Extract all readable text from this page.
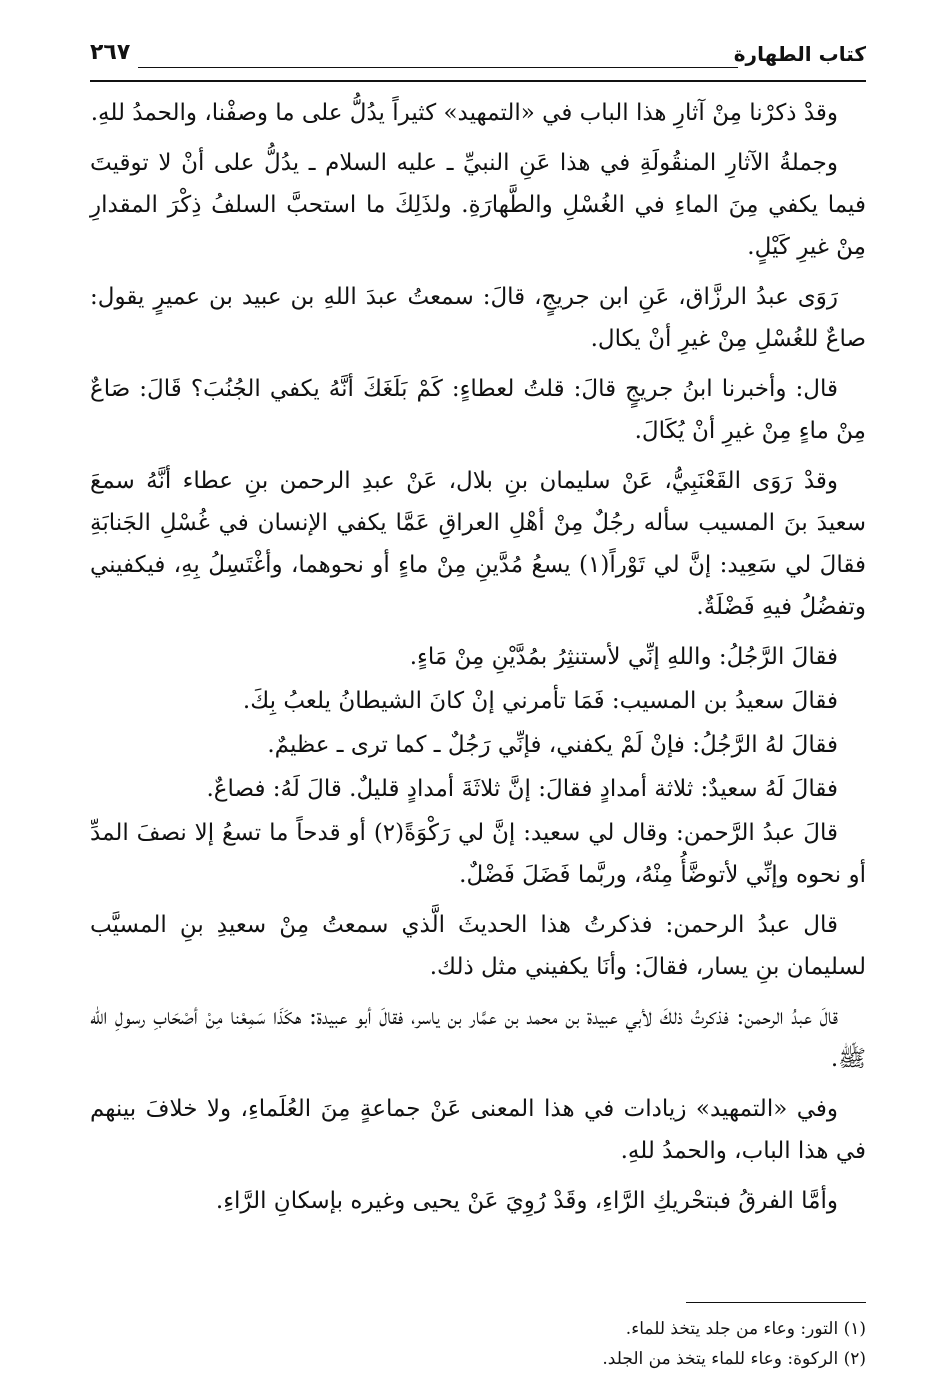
كتاب الطهارة
٢٦٧

وقدْ ذكرْنا مِنْ آثارِ هذا الباب في «التمهيد» كثيراً يدُلُّ على ما وصفْنا، والحمدُ للهِ.

وجملةُ الآثارِ المنقُولَةِ في هذا عَنِ النبيِّ ـ عليه السلام ـ يدُلُّ على أنْ لا توقيتَ فيما يكفي مِنَ الماءِ في الغُسْلِ والطَّهارَةِ. ولذَلِكَ ما استحبَّ السلفُ ذِكْرَ المقدارِ مِنْ غيرِ كَيْلٍ.

رَوَى عبدُ الرزَّاق، عَنِ ابن جريجٍ، قالَ: سمعتُ عبدَ اللهِ بن عبيد بن عميرٍ يقول: صاعٌ للغُسْلِ مِنْ غيرِ أنْ يكال.

قال: وأخبرنا ابنُ جريجٍ قالَ: قلتُ لعطاءٍ: كَمْ بَلَغَكَ أنَّهُ يكفي الجُنُبَ؟ قَالَ: صَاعٌ مِنْ ماءٍ مِنْ غيرِ أنْ يُكَالَ.

وقدْ رَوَى القَعْنَبِيُّ، عَنْ سليمان بنِ بلال، عَنْ عبدِ الرحمن بنِ عطاء أنَّهُ سمعَ سعيدَ بنَ المسيب سأله رجُلٌ مِنْ أهْلِ العراقِ عَمَّا يكفي الإنسان في غُسْلِ الجَنابَةِ فقالَ لي سَعِيد: إنَّ لي تَوْراً(١) يسعُ مُدَّينِ مِنْ ماءٍ أو نحوهما، وأغْتَسِلُ بِهِ، فيكفيني وتفضُلُ فيهِ فَضْلَةٌ.

فقالَ الرَّجُلُ: واللهِ إنِّي لأستنثِرُ بمُدَّيْنِ مِنْ مَاءٍ.

فقالَ سعيدُ بن المسيب: فَمَا تأمرني إنْ كانَ الشيطانُ يلعبُ بِكَ.

فقالَ لهُ الرَّجُلُ: فإنْ لَمْ يكفني، فإنِّي رَجُلٌ ـ كما ترى ـ عظيمٌ.

فقالَ لَهُ سعيدٌ: ثلاثة أمدادٍ فقالَ: إنَّ ثلاثَةَ أمدادٍ قليلٌ. قالَ لَهُ: فصاعٌ.

قالَ عبدُ الرَّحمن: وقال لي سعيد: إنَّ لي رَكْوَةً(٢) أو قدحاً ما تسعُ إلا نصفَ المدِّ أو نحوه وإنِّي لأتوضَّأُ مِنْهُ، وربَّما فَضَلَ فَضْلٌ.

قال عبدُ الرحمن: فذكرتُ هذا الحديثَ الَّذي سمعتُ مِنْ سعيدِ بنِ المسيَّب لسليمان بنِ يسار، فقالَ: وأنَا يكفيني مثل ذلك.

قالَ عبدُ الرحمن: فذكرتُ ذلكَ لأبي عبيدة بن محمد بن عمَّار بن ياسر، فقالَ أبو عبيدة: هكَذَا سَمِعْنا مِنْ أصْحَابِ رسولِ الله ﷺ.

وفي «التمهيد» زيادات في هذا المعنى عَنْ جماعةٍ مِنَ العُلَماءِ، ولا خلافَ بينهم في هذا الباب، والحمدُ للهِ.

وأمَّا الفرقُ فبتحْريكِ الرَّاءِ، وقَدْ رُوِيَ عَنْ يحيى وغيره بإسكانِ الرَّاءِ.

(١) التور: وعاء من جلد يتخذ للماء.
(٢) الركوة: وعاء للماء يتخذ من الجلد.
